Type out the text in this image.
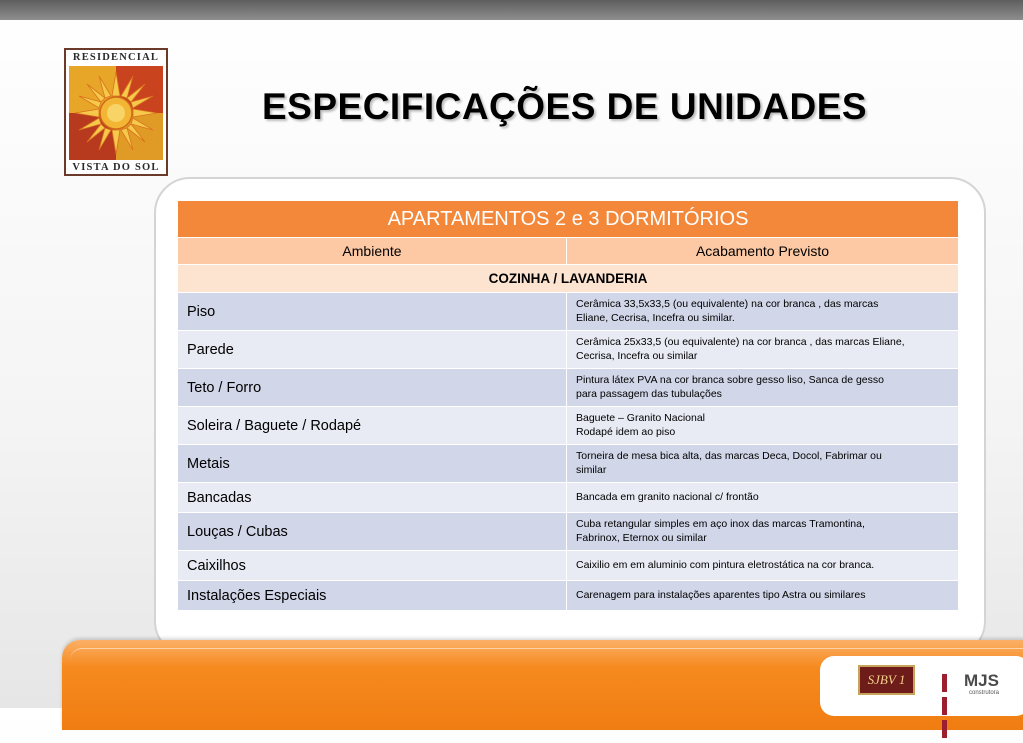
RESIDENCIAL
VISTA DO SOL
ESPECIFICAÇÕES DE UNIDADES
APARTAMENTOS 2 e 3 DORMITÓRIOS	
Ambiente	Acabamento Previsto
COZINHA / LAVANDERIA	
Piso	Cerâmica 33,5x33,5 (ou equivalente) na cor branca , das marcas
Eliane, Cecrisa, Incefra ou similar.

Parede	Cerâmica 25x33,5 (ou equivalente) na cor branca , das marcas Eliane,
Cecrisa, Incefra ou similar

Teto / Forro	Pintura látex PVA na cor branca sobre gesso liso, Sanca de gesso
para passagem das tubulações

Soleira / Baguete / Rodapé	Baguete – Granito Nacional
Rodapé idem ao piso

Metais	Torneira de mesa bica alta, das marcas Deca, Docol, Fabrimar ou
similar

Bancadas	Bancada em granito nacional c/ frontão

Louças / Cubas	Cuba retangular simples em aço inox das marcas Tramontina,
Fabrinox, Eternox ou similar

Caixilhos	Caixilio em em aluminio com pintura eletrostática na cor branca.

Instalações Especiais	Carenagem para instalações aparentes tipo Astra ou similares
SJBV 1	MJS
construtora
